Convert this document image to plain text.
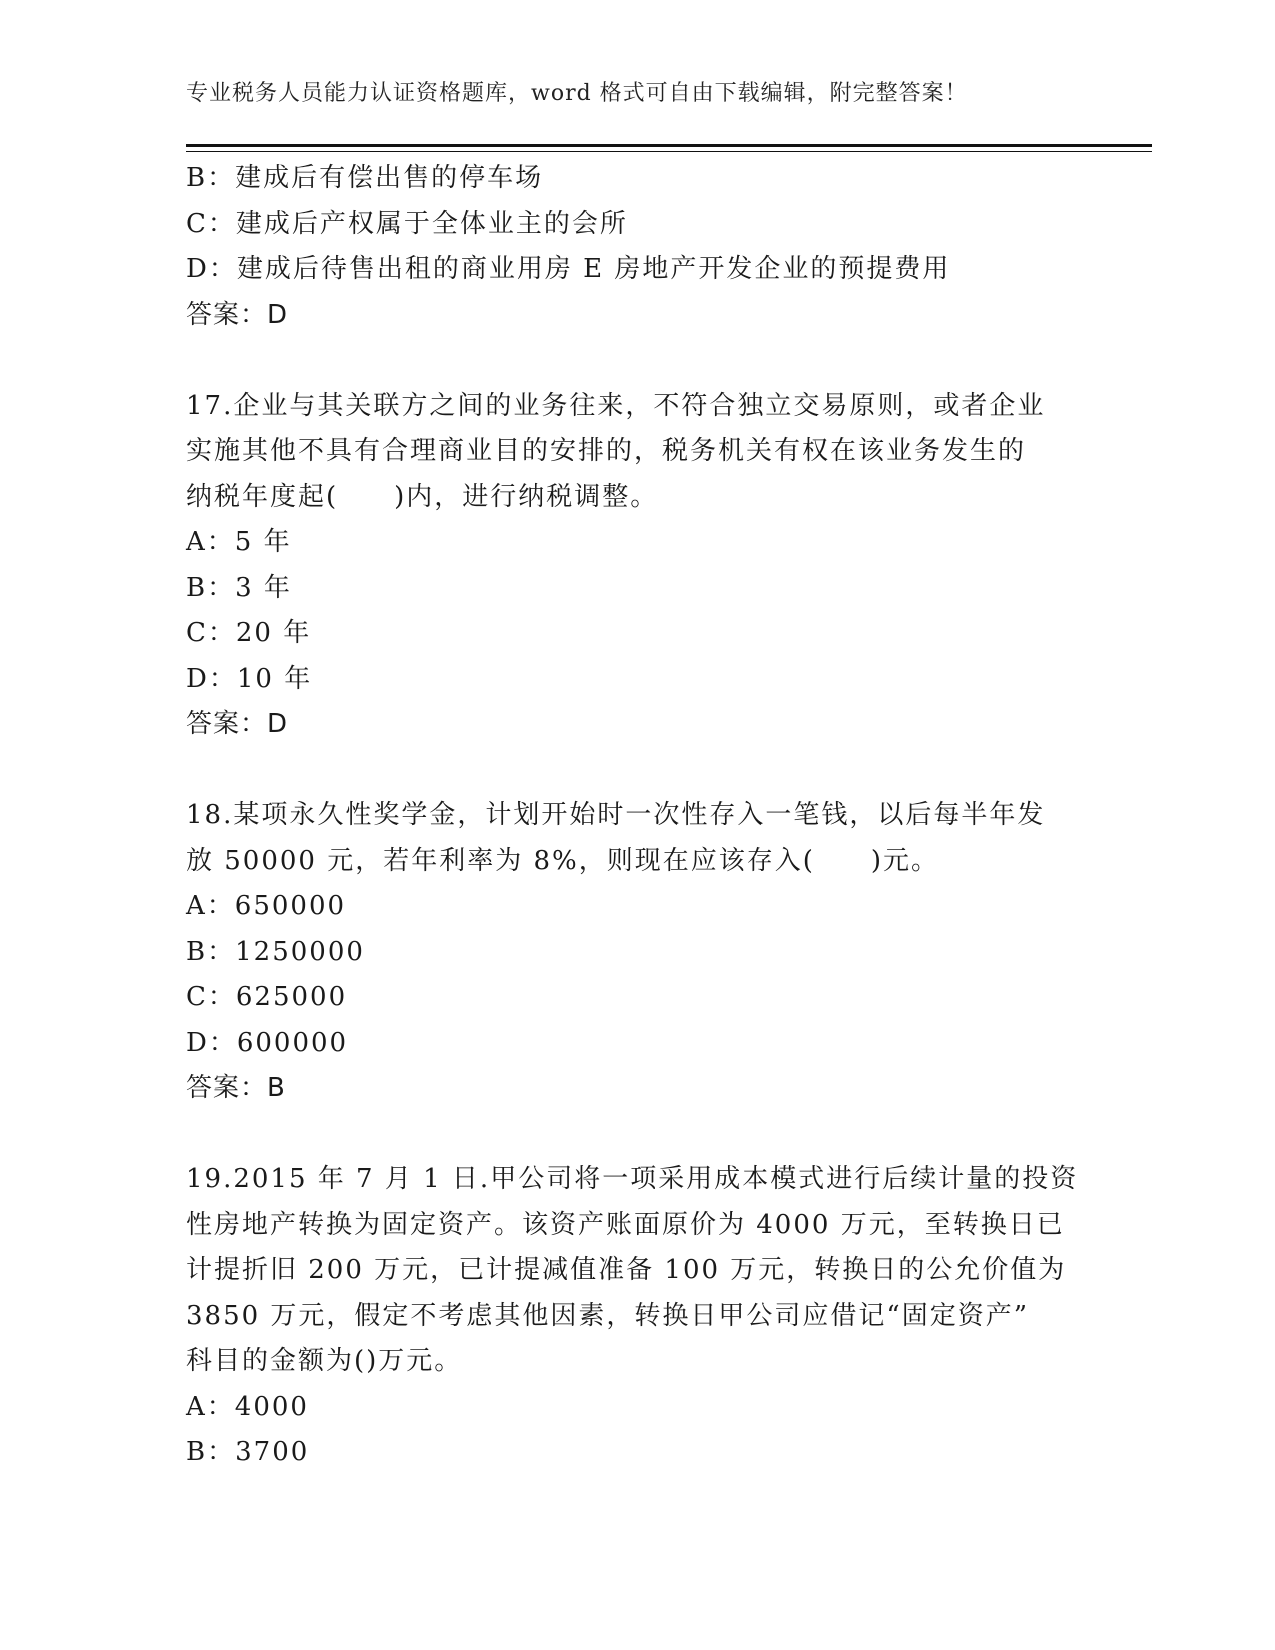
专业税务人员能力认证资格题库，word 格式可自由下载编辑，附完整答案！
B：建成后有偿出售的停车场
C：建成后产权属于全体业主的会所
D：建成后待售出租的商业用房 E 房地产开发企业的预提费用
答案：D
17.企业与其关联方之间的业务往来，不符合独立交易原则，或者企业
实施其他不具有合理商业目的安排的，税务机关有权在该业务发生的
纳税年度起(　　)内，进行纳税调整。
A：5 年
B：3 年
C：20 年
D：10 年
答案：D
18.某项永久性奖学金，计划开始时一次性存入一笔钱，以后每半年发
放 50000 元，若年利率为 8%，则现在应该存入(　　)元。
A：650000
B：1250000
C：625000
D：600000
答案：B
19.2015 年 7 月 1 日.甲公司将一项采用成本模式进行后续计量的投资
性房地产转换为固定资产。该资产账面原价为 4000 万元，至转换日已
计提折旧 200 万元，已计提减值准备 100 万元，转换日的公允价值为
3850 万元，假定不考虑其他因素，转换日甲公司应借记“固定资产”
科目的金额为()万元。
A：4000
B：3700
